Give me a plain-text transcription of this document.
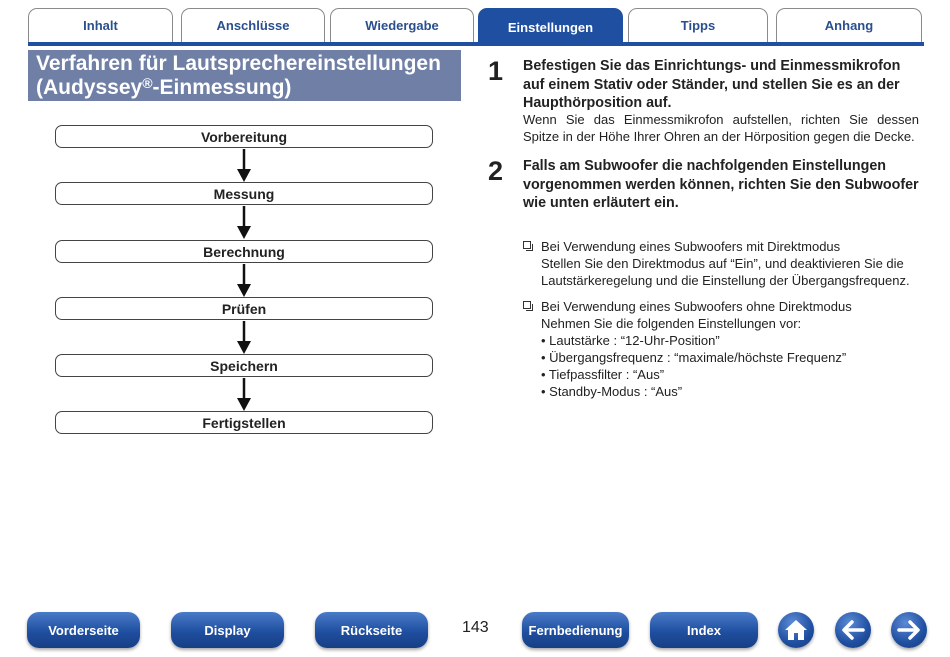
Inhalt	Anschlüsse	Wiedergabe	Einstellungen	Tipps	Anhang
Verfahren für Lautsprechereinstellungen
(Audyssey®-Einmessung)
Vorbereitung
Messung
Berechnung
Prüfen
Speichern
Fertigstellen
1 Befestigen Sie das Einrichtungs- und Einmessmikrofon auf einem Stativ oder Ständer, und stellen Sie es an der Haupthörposition auf.
Wenn Sie das Einmessmikrofon aufstellen, richten Sie dessen Spitze in der Höhe Ihrer Ohren an der Hörposition gegen die Decke.
2 Falls am Subwoofer die nachfolgenden Einstellungen vorgenommen werden können, richten Sie den Subwoofer wie unten erläutert ein.
Bei Verwendung eines Subwoofers mit Direktmodus
Stellen Sie den Direktmodus auf “Ein”, und deaktivieren Sie die Lautstärkeregelung und die Einstellung der Übergangsfrequenz.
Bei Verwendung eines Subwoofers ohne Direktmodus
Nehmen Sie die folgenden Einstellungen vor:
• Lautstärke : “12-Uhr-Position”
• Übergangsfrequenz : “maximale/höchste Frequenz”
• Tiefpassfilter : “Aus”
• Standby-Modus : “Aus”
Vorderseite	Display	Rückseite	143	Fernbedienung	Index
